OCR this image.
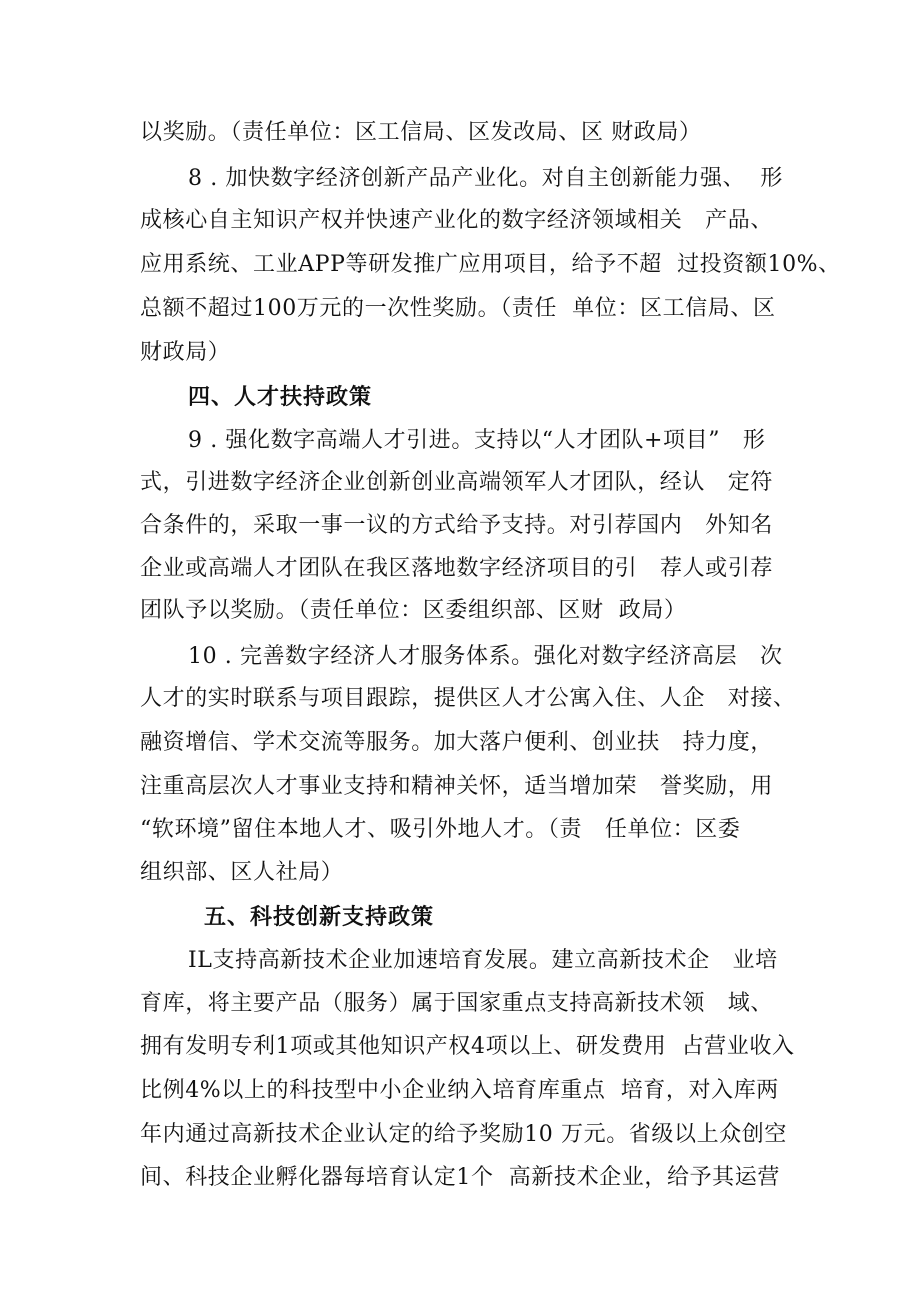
以奖励。（责任单位：区工信局、区发改局、区 财政局）
8 . 加快数字经济创新产品产业化。对自主创新能力强、  形
成核心自主知识产权并快速产业化的数字经济领域相关   产品、
应用系统、工业APP等研发推广应用项目，给予不超  过投资额10%、
总额不超过100万元的一次性奖励。（责任  单位：区工信局、区
财政局）
四、人才扶持政策
9 . 强化数字高端人才引进。支持以“人才团队+项目”   形
式，引进数字经济企业创新创业高端领军人才团队，经认   定符
合条件的，采取一事一议的方式给予支持。对引荐国内   外知名
企业或高端人才团队在我区落地数字经济项目的引   荐人或引荐
团队予以奖励。（责任单位：区委组织部、区财  政局）
10 . 完善数字经济人才服务体系。强化对数字经济高层   次
人才的实时联系与项目跟踪，提供区人才公寓入住、人企   对接、
融资增信、学术交流等服务。加大落户便利、创业扶   持力度，
注重高层次人才事业支持和精神关怀，适当增加荣   誉奖励，用
“软环境”留住本地人才、吸引外地人才。（责   任单位：区委
组织部、区人社局）
五、科技创新支持政策
IL支持高新技术企业加速培育发展。建立高新技术企   业培
育库，将主要产品（服务）属于国家重点支持高新技术领   域、
拥有发明专利1项或其他知识产权4项以上、研发费用  占营业收入
比例4%以上的科技型中小企业纳入培育库重点  培育，对入库两
年内通过高新技术企业认定的给予奖励10 万元。省级以上众创空
间、科技企业孵化器每培育认定1个  高新技术企业，给予其运营
